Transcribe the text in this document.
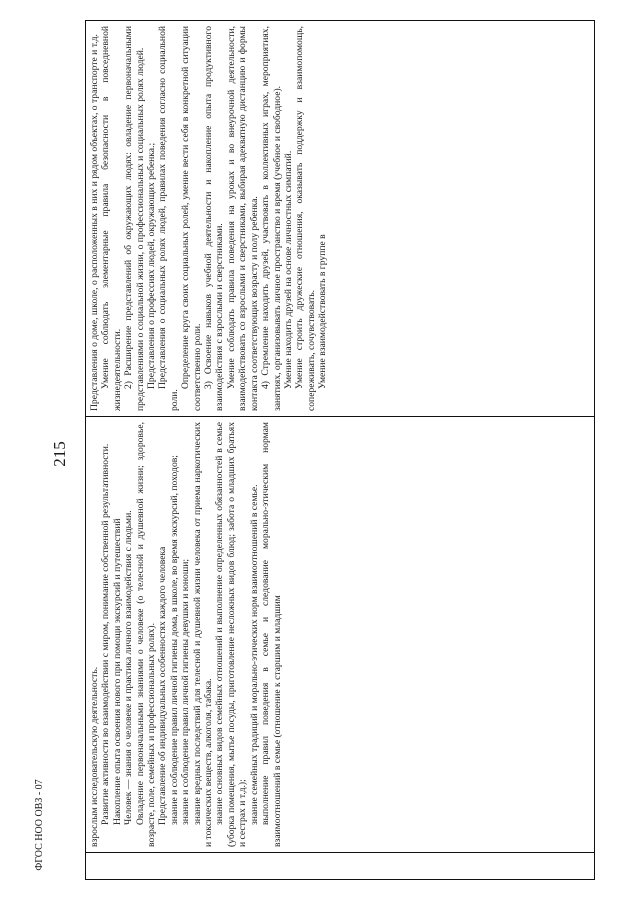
215

взрослым исследовательскую деятельность. Развитие активности во взаимодействии с миром, понимание собственной результативности. Накопление опыта освоения нового при помощи экскурсий и путешествий Человек — знания о человеке и практика личного взаимодействия с людьми. Овладение первоначальными знаниями о человеке (о телесной и душевной жизни; здоровье, возрасте, поле, семейных и профессиональных ролях). Представление об индивидуальных особенностях каждого человека знание и соблюдение правил личной гигиены дома, в школе, во время экскурсий, походов; знание и соблюдение правил личной гигиены девушки и юноши; знание вредных последствий для телесной и душевной жизни человека от приема наркотических и токсических веществ, алкоголя, табака. знание основных видов семейных отношений и выполнение определенных обязанностей в семье (уборка помещения, мытье посуды, приготовление несложных видов блюд; забота о младших братьях и сестрах и т.д.); знание семейных традиций и морально-этических норм взаимоотношений в семье. выполнение правил поведения в семье и следование морально-этическим нормам взаимоотношений в семье (отношение к старшим и младшим

Представления о доме, школе, о расположенных в них и рядом объектах, о транспорте и т.д. Умение соблюдать элементарные правила безопасности в повседневной жизнедеятельности. 2) Расширение представлений об окружающих людях: овладение первоначальными представлениями о социальной жизни, о профессиональных и социальных ролях людей. Представления о профессиях людей, окружающих ребенка.; Представления о социальных ролях людей, правилах поведения согласно социальной роли.

Определение круга своих социальных ролей, умение вести себя в конкретной ситуации соответственно роли. 3) Освоение навыков учебной деятельности и накопление опыта продуктивного взаимодействия с взрослыми и сверстниками. Умение соблюдать правила поведения на уроках и во внеурочной деятельности, взаимодействовать со взрослыми и сверстниками, выбирая адекватную дистанцию и формы контакта соответствующих возрасту и полу ребенка. 4) Стремление находить друзей, участвовать в коллективных играх, мероприятиях, занятиях, организовывать личное пространство и время (учебное и свободное). Умение находить друзей на основе личностных симпатий. Умение строить дружеские отношения, оказывать поддержку и взаимопомощь, сопереживать, сочувствовать. Умение взаимодействовать в группе в

ФГОС НОО ОВЗ - 07
